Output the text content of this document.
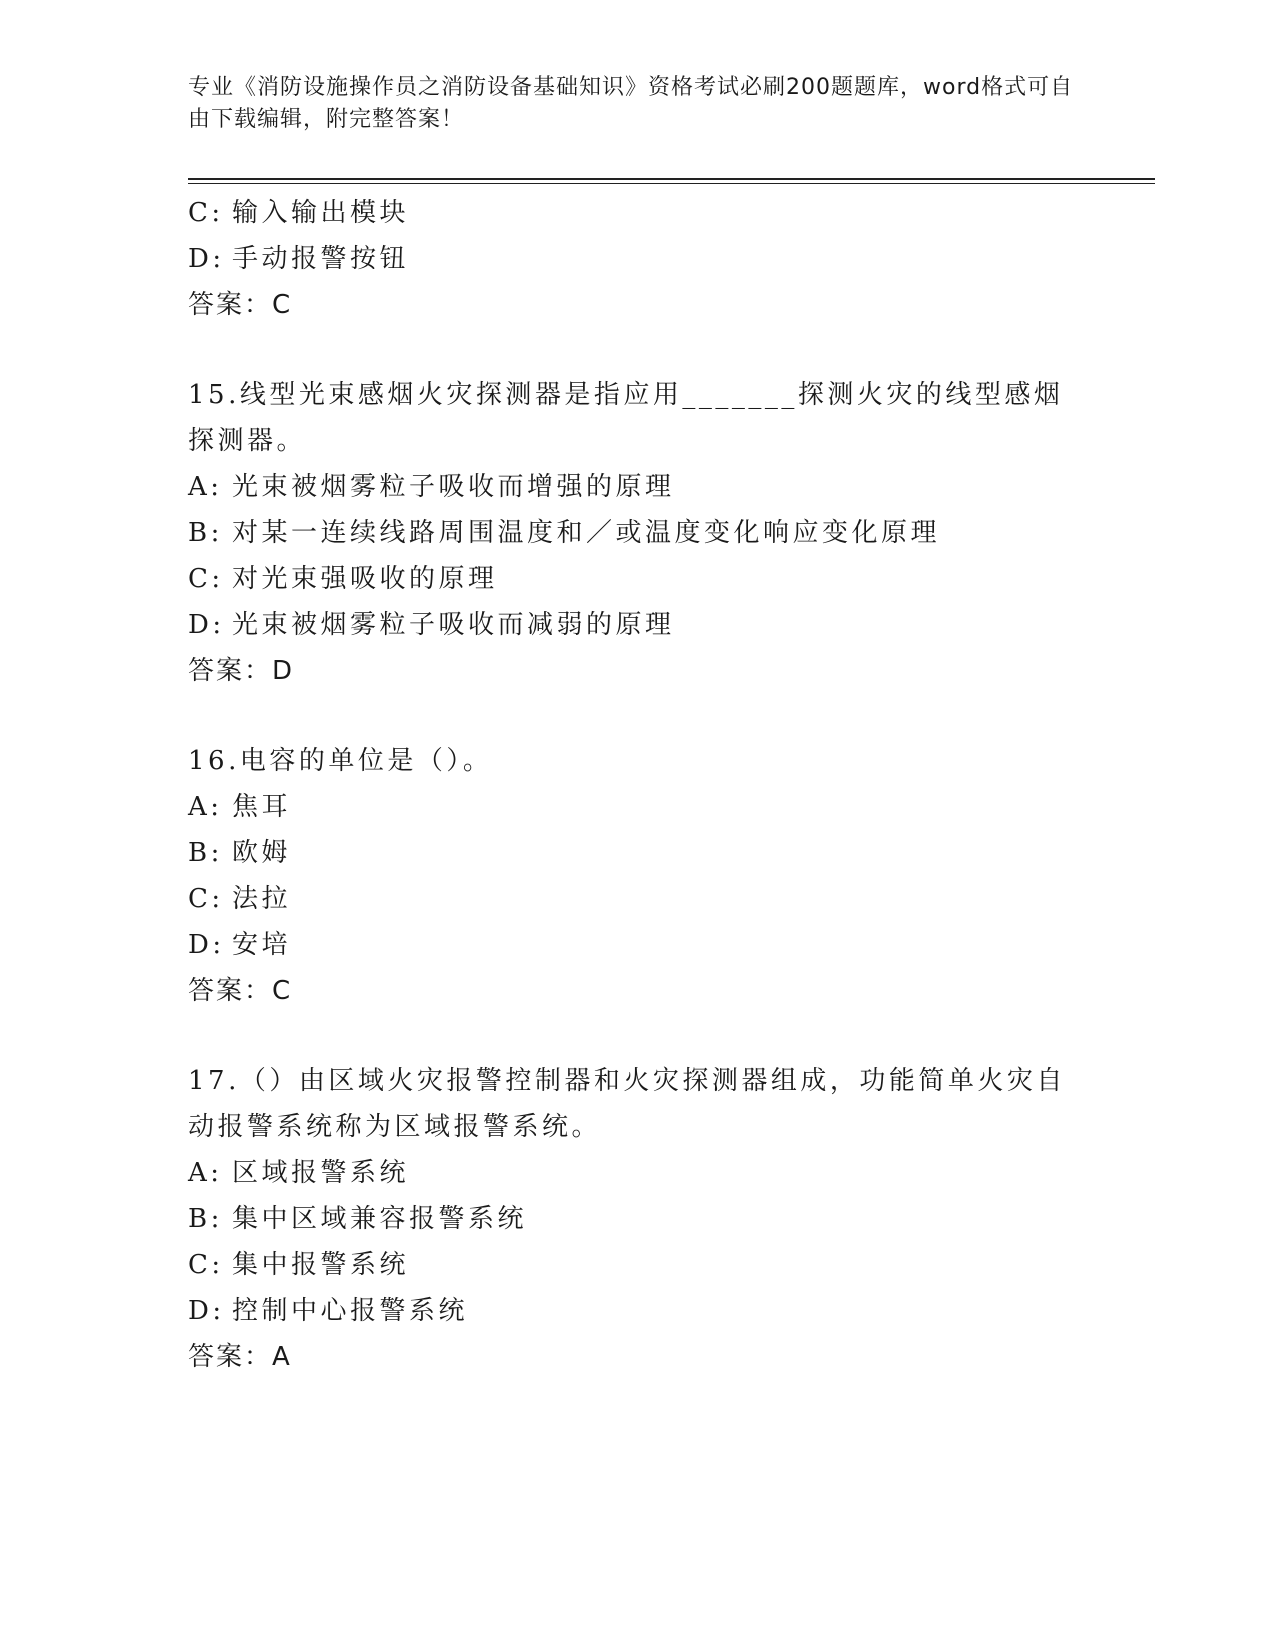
专业《消防设施操作员之消防设备基础知识》资格考试必刷200题题库，word格式可自由下载编辑，附完整答案！
C: 输入输出模块
D: 手动报警按钮
答案：C
15.线型光束感烟火灾探测器是指应用_______探测火灾的线型感烟探测器。
A: 光束被烟雾粒子吸收而增强的原理
B: 对某一连续线路周围温度和／或温度变化响应变化原理
C: 对光束强吸收的原理
D: 光束被烟雾粒子吸收而减弱的原理
答案：D
16.电容的单位是（）。
A: 焦耳
B: 欧姆
C: 法拉
D: 安培
答案：C
17.（）由区域火灾报警控制器和火灾探测器组成，功能简单火灾自动报警系统称为区域报警系统。
A: 区域报警系统
B: 集中区域兼容报警系统
C: 集中报警系统
D: 控制中心报警系统
答案：A
